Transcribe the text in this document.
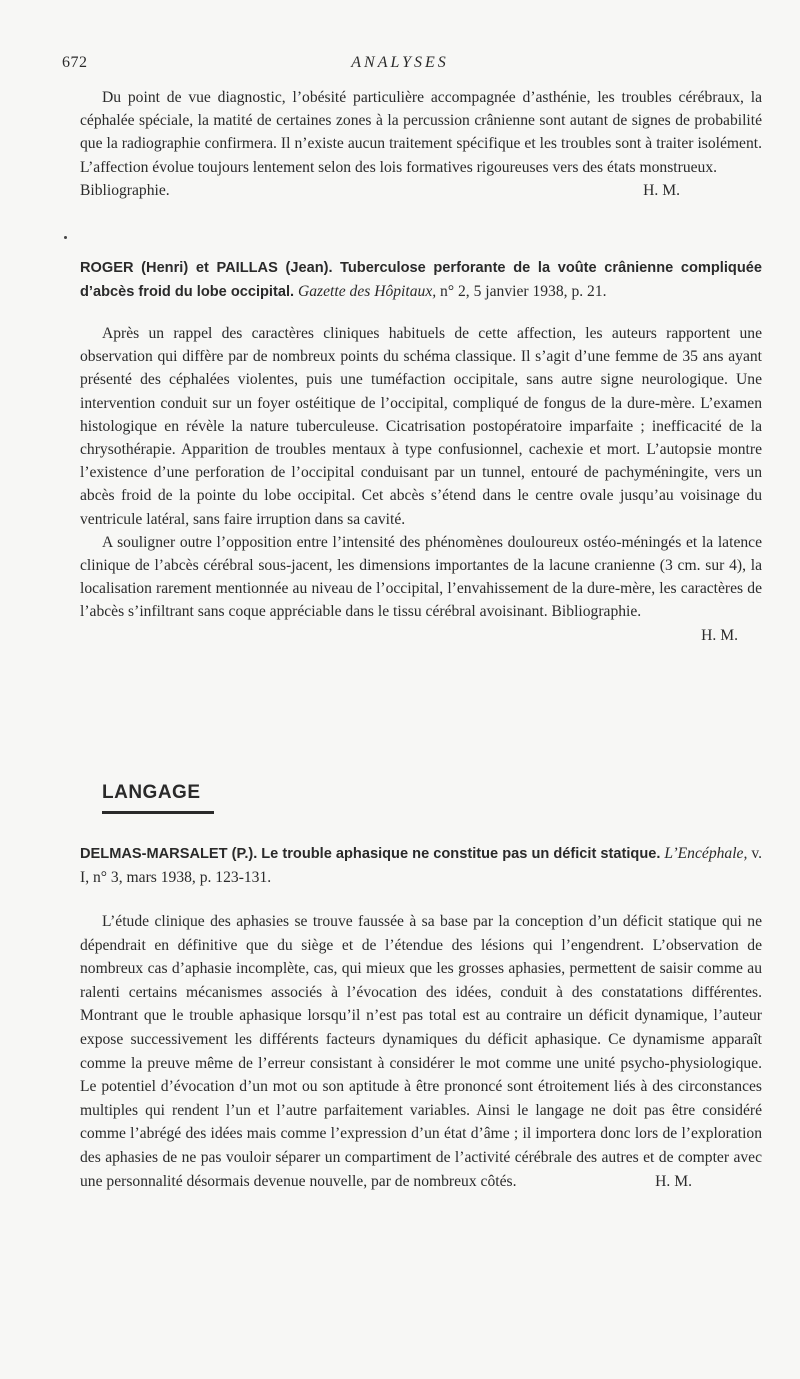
672	ANALYSES

Du point de vue diagnostic, l’obésité particulière accompagnée d’asthénie, les troubles cérébraux, la céphalée spéciale, la matité de certaines zones à la percussion crânienne sont autant de signes de probabilité que la radiographie confirmera. Il n’existe aucun traitement spécifique et les troubles sont à traiter isolément. L’affection évolue toujours lentement selon des lois formatives rigoureuses vers des états monstrueux.

Bibliographie.	H. M.

ROGER (Henri) et PAILLAS (Jean). Tuberculose perforante de la voûte crânienne compliquée d’abcès froid du lobe occipital. Gazette des Hôpitaux, n° 2, 5 janvier 1938, p. 21.

Après un rappel des caractères cliniques habituels de cette affection, les auteurs rapportent une observation qui diffère par de nombreux points du schéma classique. Il s’agit d’une femme de 35 ans ayant présenté des céphalées violentes, puis une tuméfaction occipitale, sans autre signe neurologique. Une intervention conduit sur un foyer ostéitique de l’occipital, compliqué de fongus de la dure-mère. L’examen histologique en révèle la nature tuberculeuse. Cicatrisation postopératoire imparfaite ; inefficacité de la chrysothérapie. Apparition de troubles mentaux à type confusionnel, cachexie et mort. L’autopsie montre l’existence d’une perforation de l’occipital conduisant par un tunnel, entouré de pachyméningite, vers un abcès froid de la pointe du lobe occipital. Cet abcès s’étend dans le centre ovale jusqu’au voisinage du ventricule latéral, sans faire irruption dans sa cavité.

A souligner outre l’opposition entre l’intensité des phénomènes douloureux ostéo-méningés et la latence clinique de l’abcès cérébral sous-jacent, les dimensions importantes de la lacune cranienne (3 cm. sur 4), la localisation rarement mentionnée au niveau de l’occipital, l’envahissement de la dure-mère, les caractères de l’abcès s’infiltrant sans coque appréciable dans le tissu cérébral avoisinant. Bibliographie.

H. M.
LANGAGE

DELMAS-MARSALET (P.). Le trouble aphasique ne constitue pas un déficit statique. L’Encéphale, v. I, n° 3, mars 1938, p. 123-131.

L’étude clinique des aphasies se trouve faussée à sa base par la conception d’un déficit statique qui ne dépendrait en définitive que du siège et de l’étendue des lésions qui l’engendrent. L’observation de nombreux cas d’aphasie incomplète, cas, qui mieux que les grosses aphasies, permettent de saisir comme au ralenti certains mécanismes associés à l’évocation des idées, conduit à des constatations différentes. Montrant que le trouble aphasique lorsqu’il n’est pas total est au contraire un déficit dynamique, l’auteur expose successivement les différents facteurs dynamiques du déficit aphasique. Ce dynamisme apparaît comme la preuve même de l’erreur consistant à considérer le mot comme une unité psycho-physiologique. Le potentiel d’évocation d’un mot ou son aptitude à être prononcé sont étroitement liés à des circonstances multiples qui rendent l’un et l’autre parfaitement variables. Ainsi le langage ne doit pas être considéré comme l’abrégé des idées mais comme l’expression d’un état d’âme ; il importera donc lors de l’exploration des aphasies de ne pas vouloir séparer un compartiment de l’activité cérébrale des autres et de compter avec une personnalité désormais devenue nouvelle, par de nombreux côtés.	H. M.
